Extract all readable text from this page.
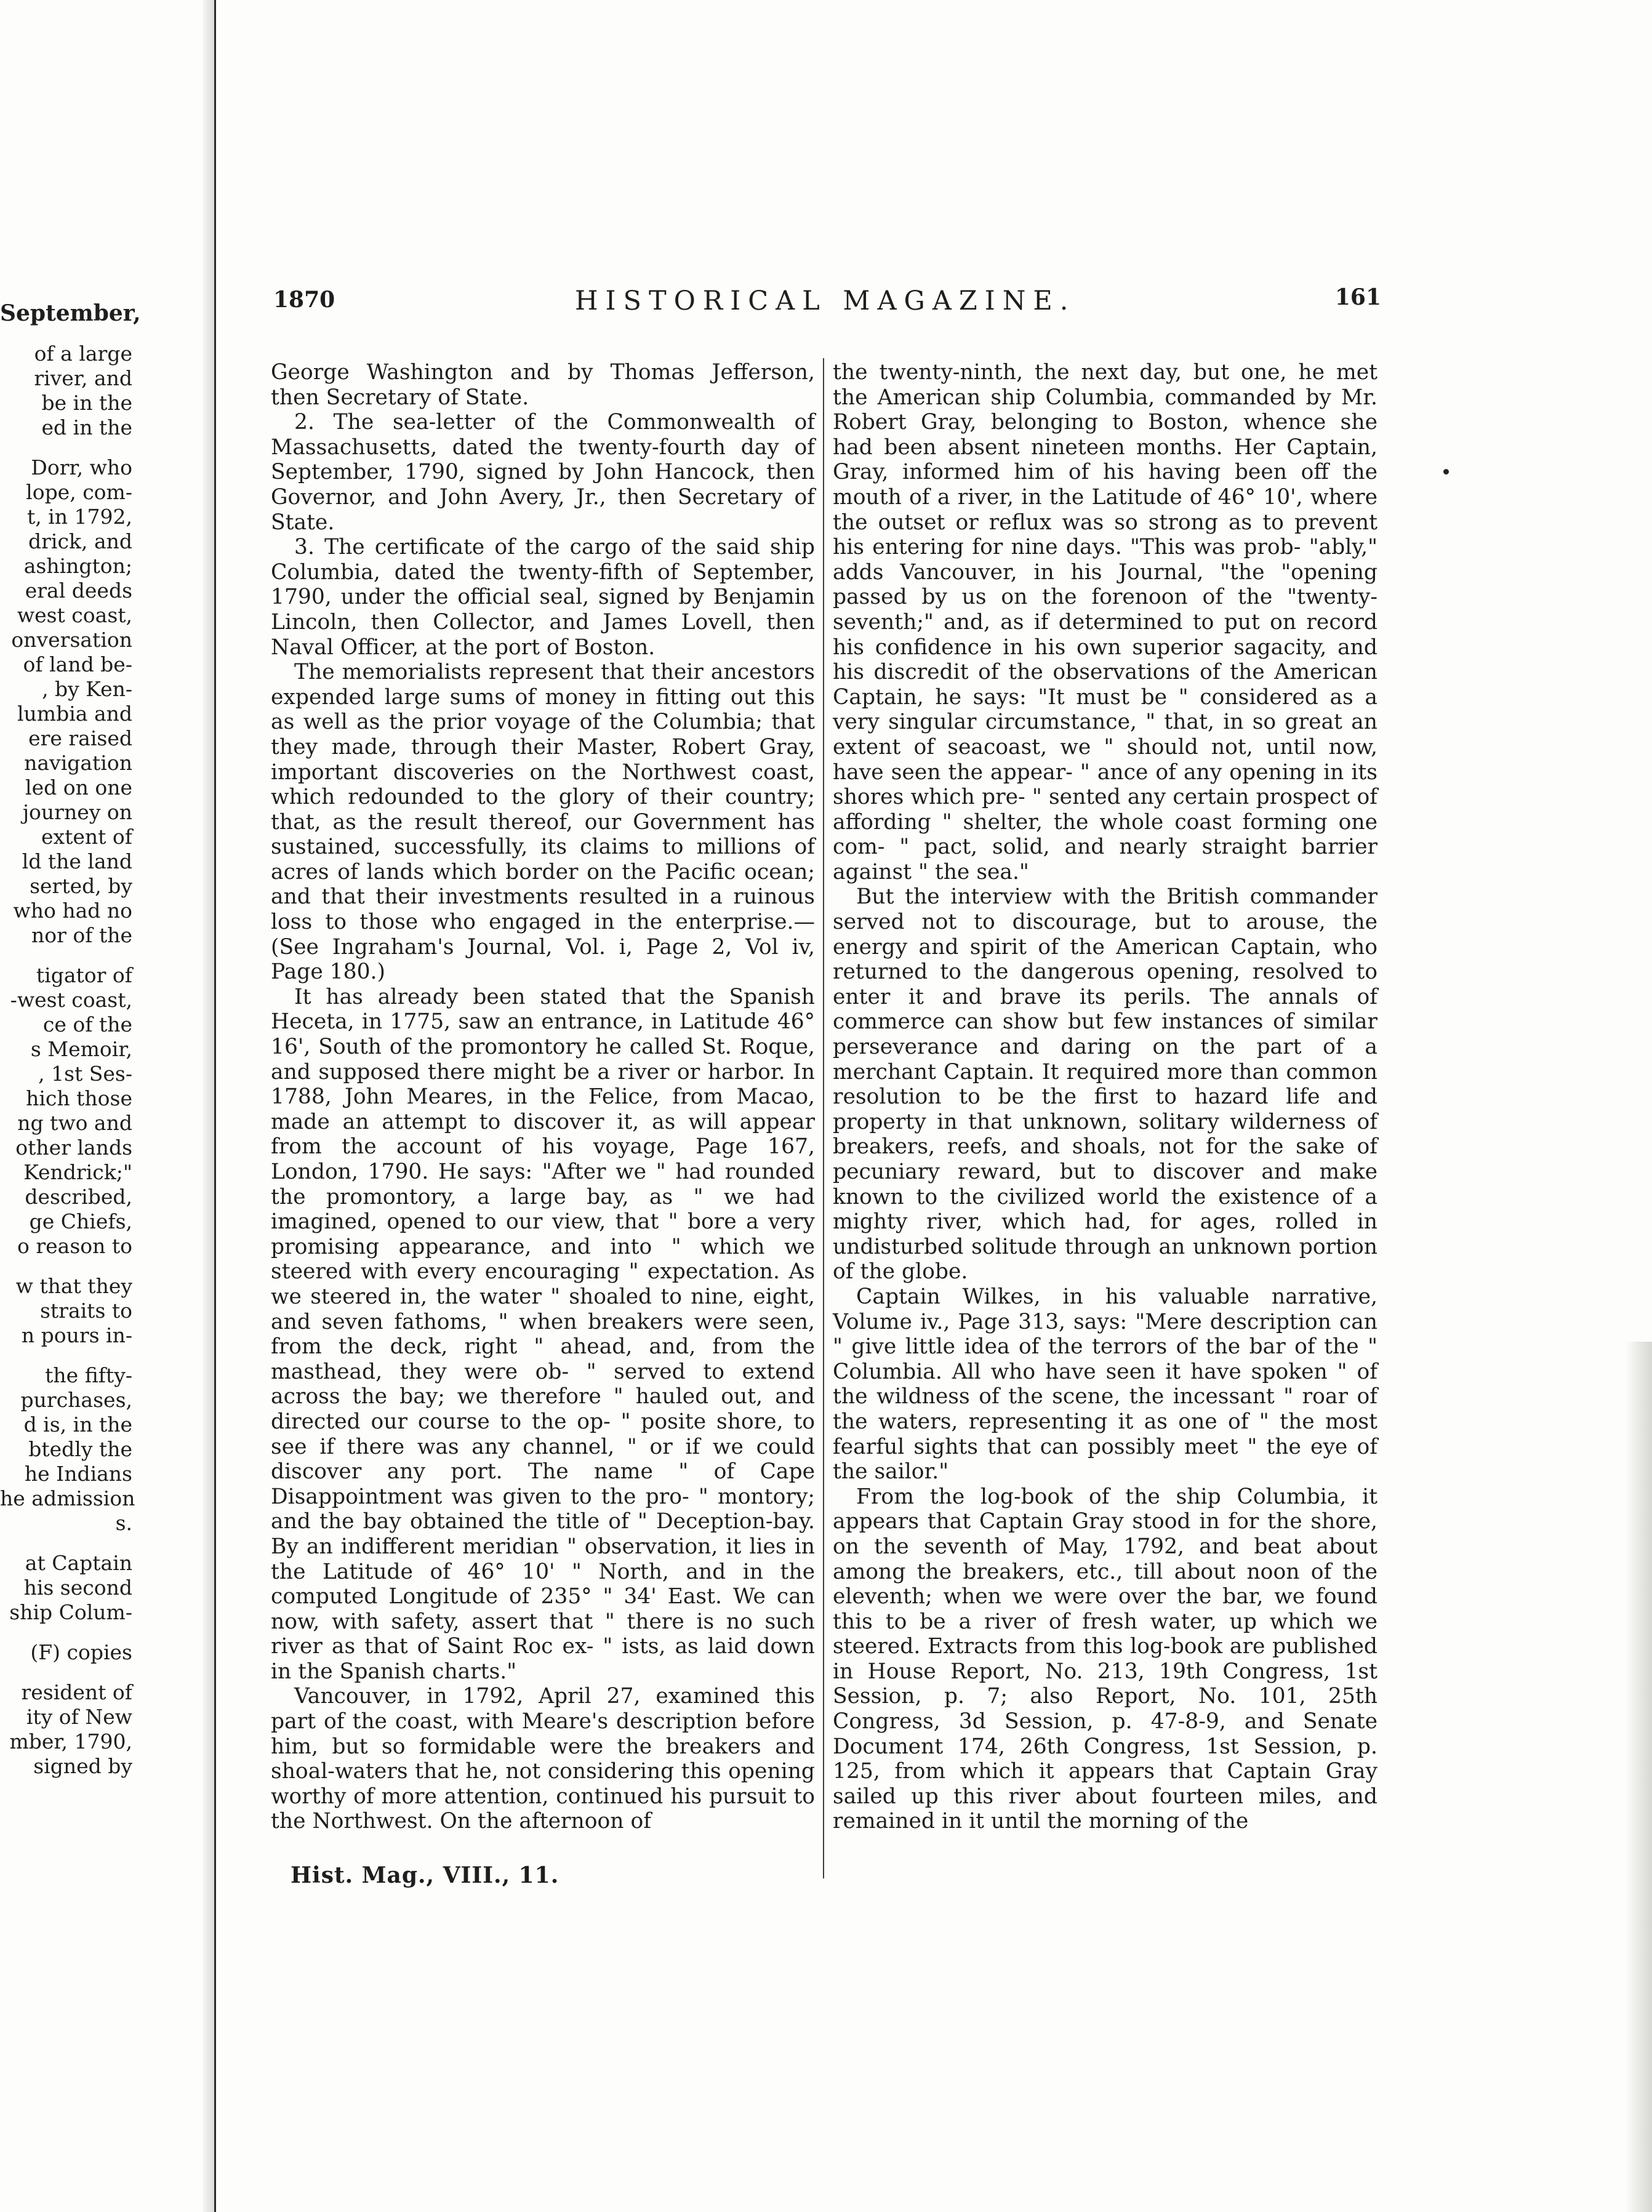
September,
of a large
river, and
be in the
ed in the
Dorr, who
lope, com-
t, in 1792,
drick, and
ashington;
eral deeds
west coast,
onversation
of land be-
, by Ken-
lumbia and
ere raised
navigation
led on one
journey on
extent of
ld the land
serted, by
who had no
nor of the
tigator of
-west coast,
ce of the
s Memoir,
, 1st Ses-
hich those
ng two and
other lands
Kendrick;"
described,
ge Chiefs,
o reason to
w that they
straits to
n pours in-
the fifty-
purchases,
d is, in the
btedly the
he Indians
he admission
s.
at Captain
his second
ship Colum-
(F) copies
resident of
ity of New
mber, 1790,
signed by
1870	HISTORICAL MAGAZINE.	161

George Washington and by Thomas Jefferson, then Secretary of State.

2. The sea-letter of the Commonwealth of Massachusetts, dated the twenty-fourth day of September, 1790, signed by John Hancock, then Governor, and John Avery, Jr., then Secretary of State.

3. The certificate of the cargo of the said ship Columbia, dated the twenty-fifth of September, 1790, under the official seal, signed by Benjamin Lincoln, then Collector, and James Lovell, then Naval Officer, at the port of Boston.

The memorialists represent that their ancestors expended large sums of money in fitting out this as well as the prior voyage of the Columbia; that they made, through their Master, Robert Gray, important discoveries on the Northwest coast, which redounded to the glory of their country; that, as the result thereof, our Government has sustained, successfully, its claims to millions of acres of lands which border on the Pacific ocean; and that their investments resulted in a ruinous loss to those who engaged in the enterprise.—(See Ingraham's Journal, Vol. i, Page 2, Vol iv, Page 180.)

It has already been stated that the Spanish Heceta, in 1775, saw an entrance, in Latitude 46° 16', South of the promontory he called St. Roque, and supposed there might be a river or harbor. In 1788, John Meares, in the Felice, from Macao, made an attempt to discover it, as will appear from the account of his voyage, Page 167, London, 1790. He says: "After we " had rounded the promontory, a large bay, as " we had imagined, opened to our view, that " bore a very promising appearance, and into " which we steered with every encouraging " expectation. As we steered in, the water " shoaled to nine, eight, and seven fathoms, " when breakers were seen, from the deck, right " ahead, and, from the masthead, they were ob- " served to extend across the bay; we therefore " hauled out, and directed our course to the op- " posite shore, to see if there was any channel, " or if we could discover any port. The name " of Cape Disappointment was given to the pro- " montory; and the bay obtained the title of " Deception-bay. By an indifferent meridian " observation, it lies in the Latitude of 46° 10' " North, and in the computed Longitude of 235° " 34' East. We can now, with safety, assert that " there is no such river as that of Saint Roc ex- " ists, as laid down in the Spanish charts."

Vancouver, in 1792, April 27, examined this part of the coast, with Meare's description before him, but so formidable were the breakers and shoal-waters that he, not considering this opening worthy of more attention, continued his pursuit to the Northwest. On the afternoon of

the twenty-ninth, the next day, but one, he met the American ship Columbia, commanded by Mr. Robert Gray, belonging to Boston, whence she had been absent nineteen months. Her Captain, Gray, informed him of his having been off the mouth of a river, in the Latitude of 46° 10', where the outset or reflux was so strong as to prevent his entering for nine days. "This was prob- "ably," adds Vancouver, in his Journal, "the "opening passed by us on the forenoon of the "twenty-seventh;" and, as if determined to put on record his confidence in his own superior sagacity, and his discredit of the observations of the American Captain, he says: "It must be " considered as a very singular circumstance, " that, in so great an extent of seacoast, we " should not, until now, have seen the appear- " ance of any opening in its shores which pre- " sented any certain prospect of affording " shelter, the whole coast forming one com- " pact, solid, and nearly straight barrier against " the sea."

But the interview with the British commander served not to discourage, but to arouse, the energy and spirit of the American Captain, who returned to the dangerous opening, resolved to enter it and brave its perils. The annals of commerce can show but few instances of similar perseverance and daring on the part of a merchant Captain. It required more than common resolution to be the first to hazard life and property in that unknown, solitary wilderness of breakers, reefs, and shoals, not for the sake of pecuniary reward, but to discover and make known to the civilized world the existence of a mighty river, which had, for ages, rolled in undisturbed solitude through an unknown portion of the globe.

Captain Wilkes, in his valuable narrative, Volume iv., Page 313, says: "Mere description can " give little idea of the terrors of the bar of the " Columbia. All who have seen it have spoken " of the wildness of the scene, the incessant " roar of the waters, representing it as one of " the most fearful sights that can possibly meet " the eye of the sailor."

From the log-book of the ship Columbia, it appears that Captain Gray stood in for the shore, on the seventh of May, 1792, and beat about among the breakers, etc., till about noon of the eleventh; when we were over the bar, we found this to be a river of fresh water, up which we steered. Extracts from this log-book are published in House Report, No. 213, 19th Congress, 1st Session, p. 7; also Report, No. 101, 25th Congress, 3d Session, p. 47-8-9, and Senate Document 174, 26th Congress, 1st Session, p. 125, from which it appears that Captain Gray sailed up this river about fourteen miles, and remained in it until the morning of the

Hist. Mag., VIII., 11.
